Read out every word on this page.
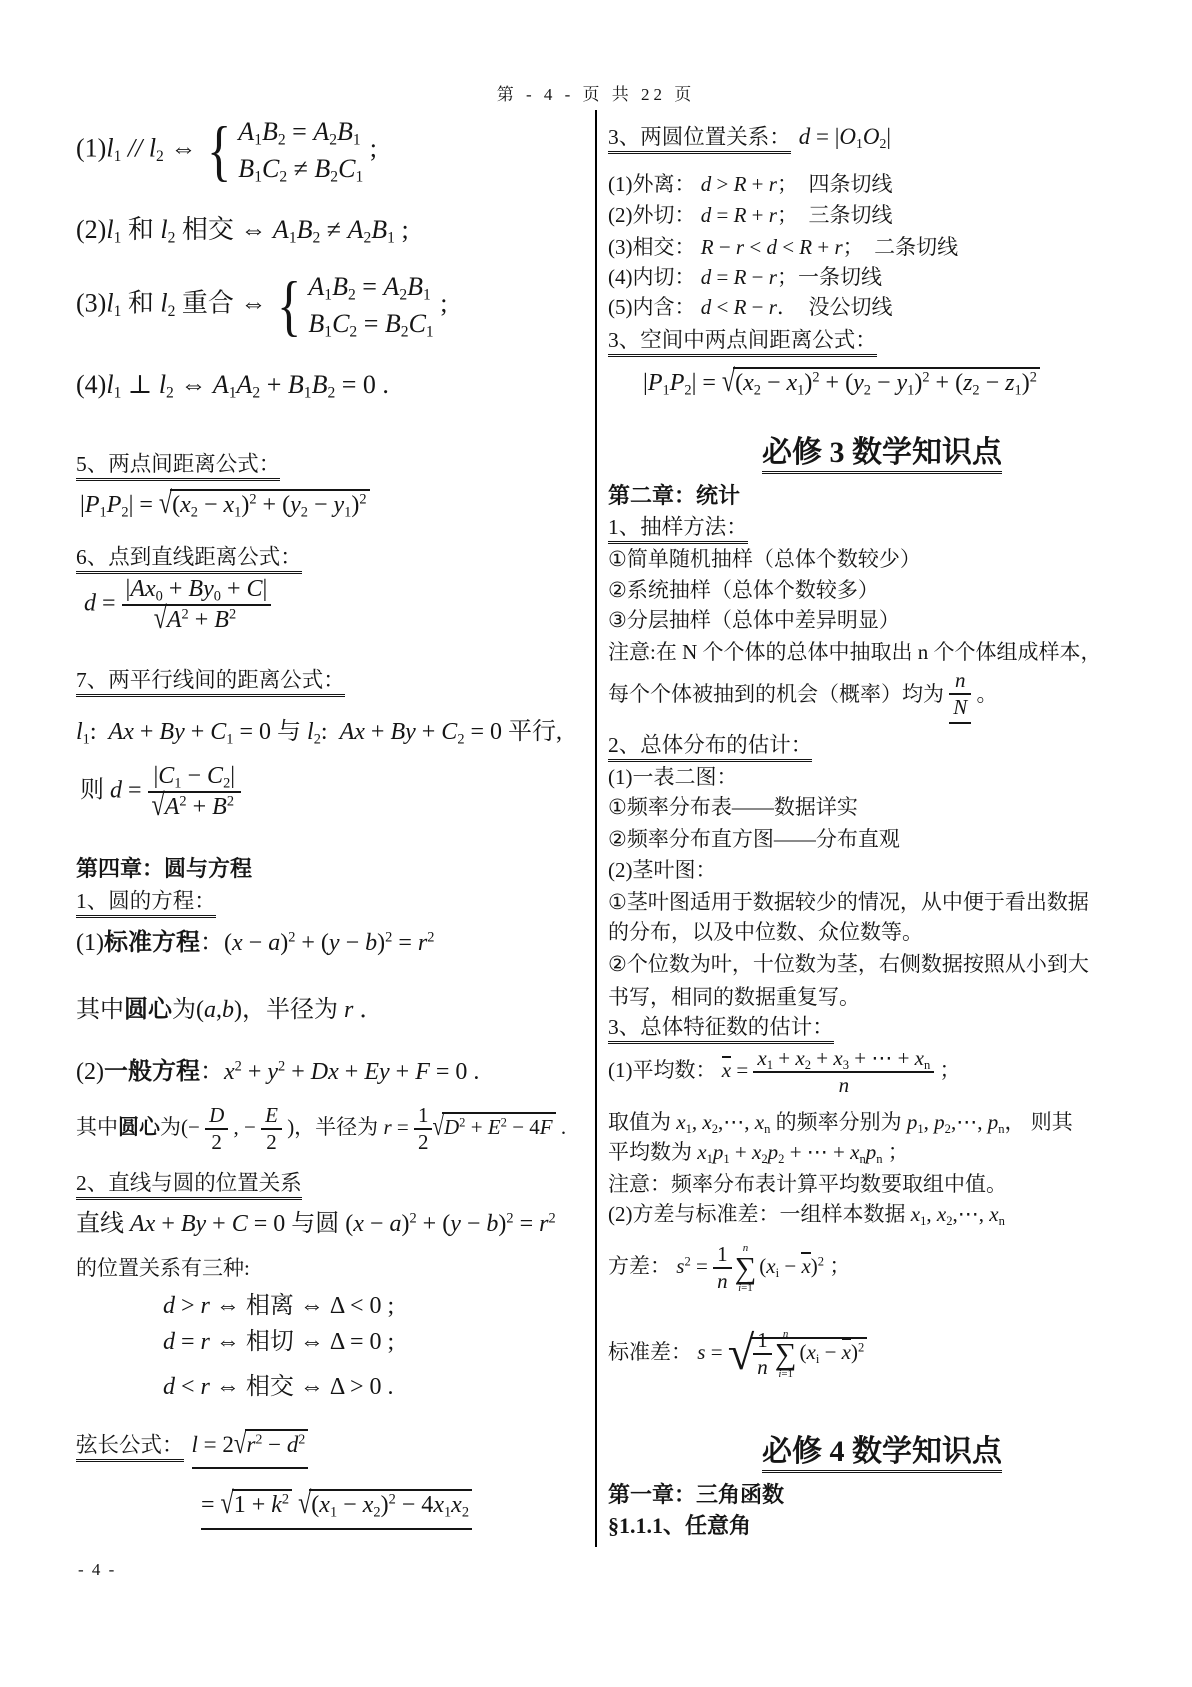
第 - 4 - 页 共 22 页
$(1)l_1 // l_2$ ⇔ { $A_1B_2 = A_2B_1$
$B_1C_2 \ne B_2C_1$
;
$(2)l_1$ 和 $l_2$ 相交 ⇔ $A_1B_2 \ne A_2B_1$ ;
$(3)l_1$ 和 $l_2$ 重合 ⇔ { $A_1B_2 = A_2B_1$
$B_1C_2 = B_2C_1$
;
$(4)l_1$ ⊥ $l_2$ ⇔ $A_1A_2 + B_1B_2 = 0$ .
5、两点间距离公式：
$|P_1P_2| = √(x_2 - x_1)^2 + (y_2 - y_1)^2$
6、点到直线距离公式：
$d = \frac{|Ax_0 + By_0 + C|}{√A^2 + B^2}$
7、两平行线间的距离公式：
$l_1$:  $Ax + By + C_1 = 0$ 与 $l_2$:  $Ax + By + C_2 = 0$ 平行,
则 $d = \frac{|C_1 - C_2|}{√A^2 + B^2}$
第四章：圆与方程
1、圆的方程：
(1)标准方程：$(x - a)^2 + (y - b)^2 = r^2$
其中圆心为(a,b)，半径为 r ．
(2)一般方程：$x^2 + y^2 + Dx + Ey + F = 0$ .
其中圆心为(− $\frac{D}{2}$ , − $\frac{E}{2}$ )，半径为 $r = \frac{1}{2} √D^2 + E^2 - 4F$ .
2、直线与圆的位置关系
直线 Ax + By + C = 0 与圆 $(x - a)^2 + (y - b)^2 = r^2$
的位置关系有三种:
d > r ⇔ 相离 ⇔ Δ < 0 ;
d = r ⇔ 相切 ⇔ Δ = 0 ;
d < r ⇔ 相交 ⇔ Δ > 0 .
弦长公式： $l = 2√r^2 - d^2$
= $√1 + k^2$ $√(x_1 - x_2)^2 - 4x_1x_2$
3、两圆位置关系： $d = |O_1O_2|$
(1)外离： d > R + r；  四条切线
(2)外切： d = R + r；  三条切线
(3)相交： R − r < d < R + r；  二条切线
(4)内切： d = R − r；一条切线
(5)内含： d < R − r．  没公切线
3、空间中两点间距离公式：
$|P_1P_2| = √(x_2 - x_1)^2 + (y_2 - y_1)^2 + (z_2 - z_1)^2$
必修 3 数学知识点
第二章：统计
1、抽样方法：
①简单随机抽样（总体个数较少）
②系统抽样（总体个数较多）
③分层抽样（总体中差异明显）
注意:在 N 个个体的总体中抽取出 n 个个体组成样本，
每个个体被抽到的机会（概率）均为 $\frac{n}{N}$ 。
2、总体分布的估计：
(1)一表二图：
①频率分布表——数据详实
②频率分布直方图——分布直观
(2)茎叶图：
①茎叶图适用于数据较少的情况，从中便于看出数据
的分布，以及中位数、众位数等。
②个位数为叶，十位数为茎，右侧数据按照从小到大
书写，相同的数据重复写。
3、总体特征数的估计：
(1)平均数： $x = \frac{x_1 + x_2 + x_3 + \cdots + x_n}{n}$ ；
取值为 $x_1$, $x_2,\cdots$, $x_n$ 的频率分别为 $p_1$, $p_2,\cdots$, $p_n$， 则其
平均数为 $x_1p_1 + x_2p_2$ + ⋯ + $x_np_n$ ；
注意：频率分布表计算平均数要取组中值。
(2)方差与标准差：一组样本数据 $x_1$, $x_2,\cdots$, $x_n$
方差： $s^2 = \frac{1}{n}$ n
∑
i=1
$(x_i - x)^2$ ；
标准差： s = √ $\frac{1}{n}$ n
∑
i=1
$(x_i - x)^2$
必修 4 数学知识点
第一章：三角函数
§1.1.1、任意角
- 4 -
